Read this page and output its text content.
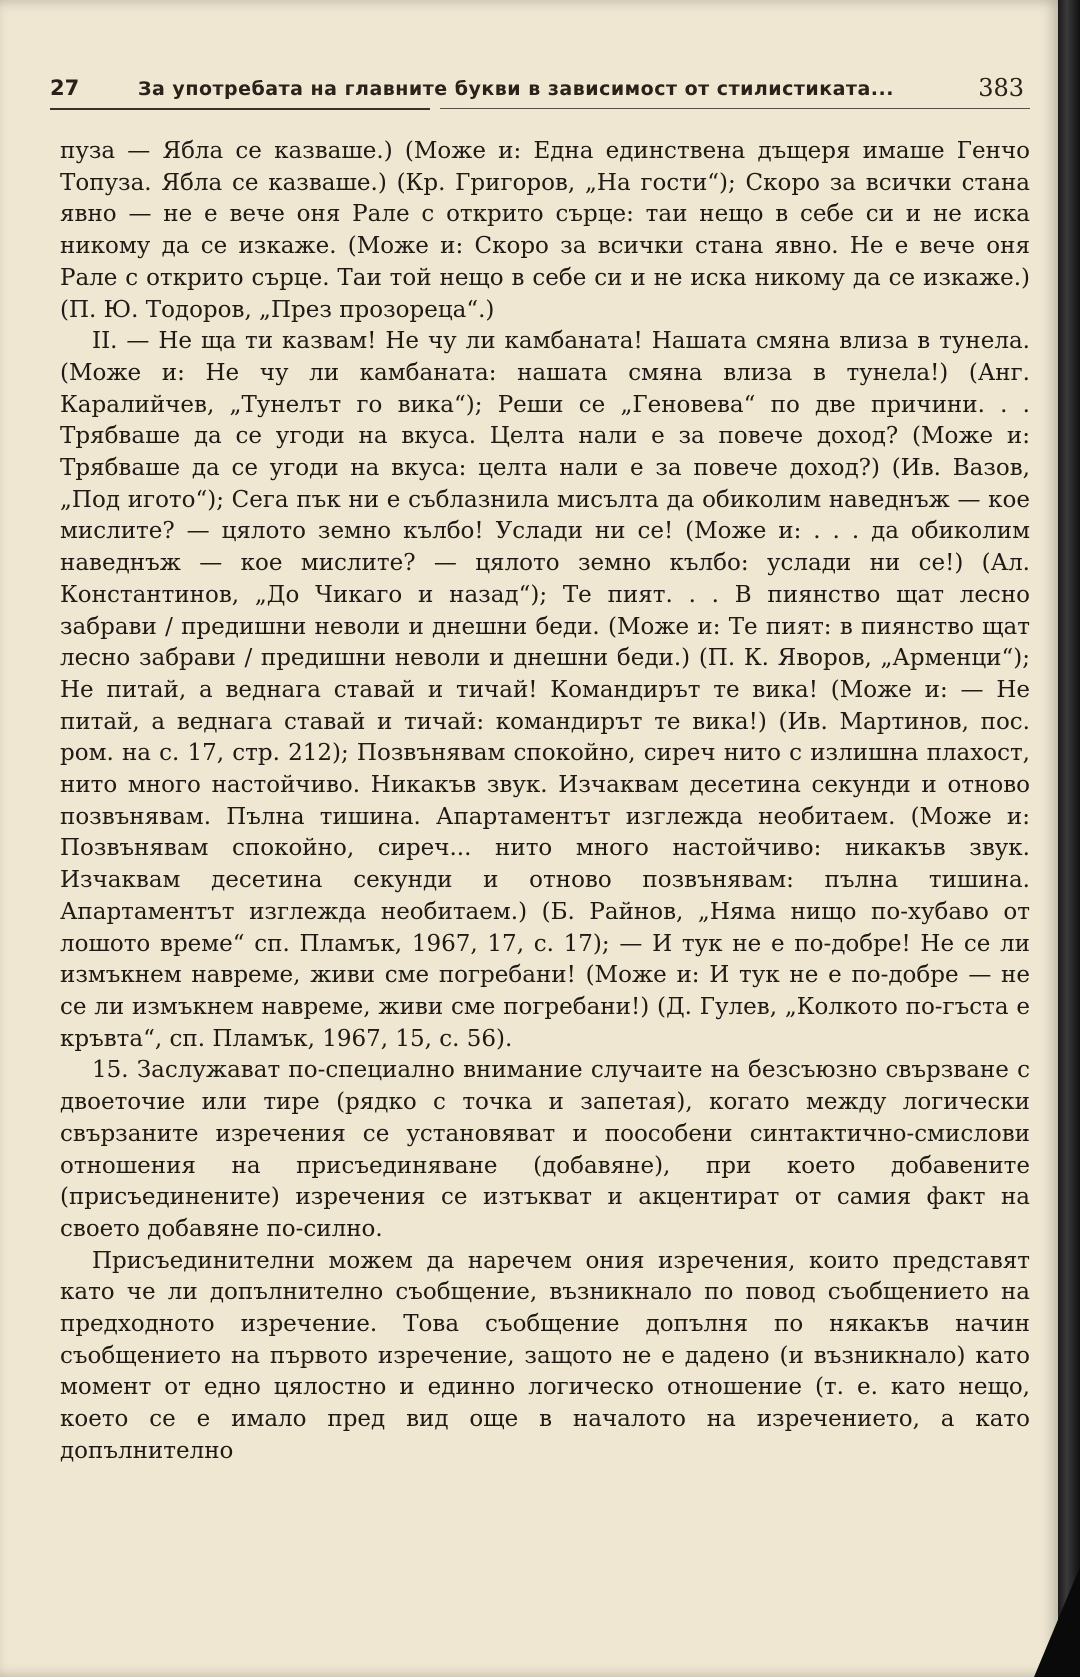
27	За употребата на главните букви в зависимост от стилистиката...	383

пуза — Ябла се казваше.) (Може и: Една единствена дъщеря имаше Генчо Топуза. Ябла се казваше.) (Кр. Григоров, „На гости“); Скоро за всички стана явно — не е вече оня Рале с открито сърце: таи нещо в себе си и не иска никому да се изкаже. (Може и: Скоро за всички стана явно. Не е вече оня Рале с открито сърце. Таи той нещо в себе си и не иска никому да се изкаже.) (П. Ю. Тодоров, „През прозореца“.)

II. — Не ща ти казвам! Не чу ли камбаната! Нашата смяна влиза в тунела. (Може и: Не чу ли камбаната: нашата смяна влиза в тунела!) (Анг. Каралийчев, „Тунелът го вика“); Реши се „Геновева“ по две причини. . . Трябваше да се угоди на вкуса. Целта нали е за повече доход? (Може и: Трябваше да се угоди на вкуса: целта нали е за повече доход?) (Ив. Вазов, „Под игото“); Сега пък ни е съблазнила мисълта да обиколим наведнъж — кое мислите? — цялото земно кълбо! Услади ни се! (Може и: . . . да обиколим наведнъж — кое мислите? — цялото земно кълбо: услади ни се!) (Ал. Константинов, „До Чикаго и назад“); Те пият. . . В пиянство щат лесно забрави / предишни неволи и днешни беди. (Може и: Те пият: в пиянство щат лесно забрави / предишни неволи и днешни беди.) (П. К. Яворов, „Арменци“); Не питай, а веднага ставай и тичай! Командирът те вика! (Може и: — Не питай, а веднага ставай и тичай: командирът те вика!) (Ив. Мартинов, пос. ром. на с. 17, стр. 212); Позвънявам спокойно, сиреч нито с излишна плахост, нито много настойчиво. Никакъв звук. Изчаквам десетина секунди и отново позвънявам. Пълна тишина. Апартаментът изглежда необитаем. (Може и: Позвънявам спокойно, сиреч... нито много настойчиво: никакъв звук. Изчаквам десетина секунди и отново позвънявам: пълна тишина. Апартаментът изглежда необитаем.) (Б. Райнов, „Няма нищо по-хубаво от лошото време“ сп. Пламък, 1967, 17, с. 17); — И тук не е по-добре! Не се ли измъкнем навреме, живи сме погребани! (Може и: И тук не е по-добре — не се ли измъкнем навреме, живи сме погребани!) (Д. Гулев, „Колкото по-гъста е кръвта“, сп. Пламък, 1967, 15, с. 56).

15. Заслужават по-специално внимание случаите на безсъюзно свързване с двоеточие или тире (рядко с точка и запетая), когато между логически свързаните изречения се установяват и поособени синтактично-смислови отношения на присъединяване (добавяне), при което добавените (присъединените) изречения се изтъкват и акцентират от самия факт на своето добавяне по-силно.

Присъединителни можем да наречем ония изречения, които представят като че ли допълнително съобщение, възникнало по повод съобщението на предходното изречение. Това съобщение допълня по някакъв начин съобщението на първото изречение, защото не е дадено (и възникнало) като момент от едно цялостно и единно логическо отношение (т. е. като нещо, което се е имало пред вид още в началото на изречението, а като допълнително
